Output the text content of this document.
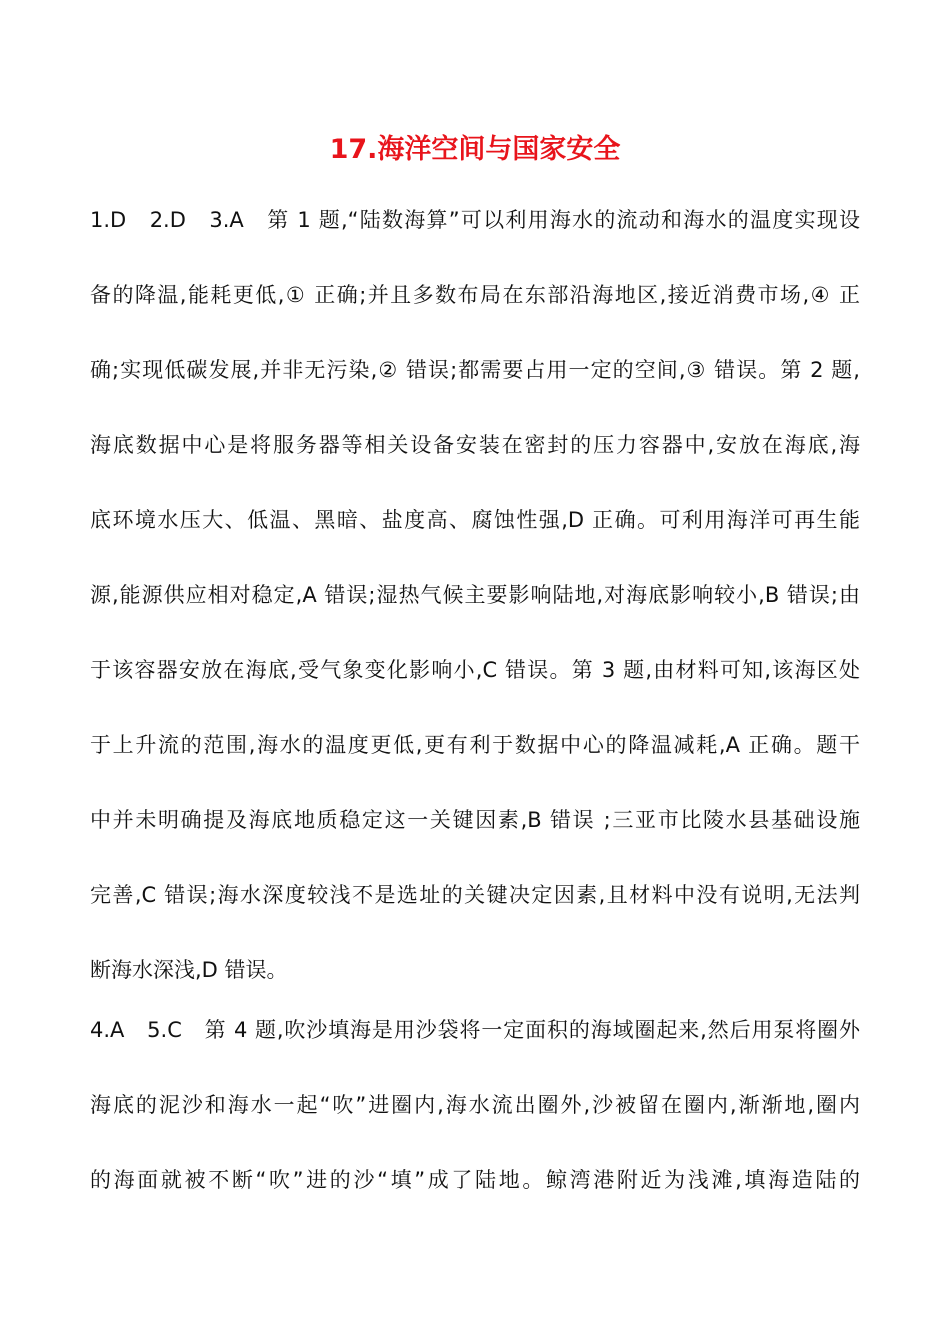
17.海洋空间与国家安全
1.D　2.D　3.A　第 1 题,“陆数海算”可以利用海水的流动和海水的温度实现设
备的降温,能耗更低,① 正确;并且多数布局在东部沿海地区,接近消费市场,④ 正
确;实现低碳发展,并非无污染,② 错误;都需要占用一定的空间,③ 错误。第 2 题,
海底数据中心是将服务器等相关设备安装在密封的压力容器中,安放在海底,海
底环境水压大、低温、黑暗、盐度高、腐蚀性强,D 正确。可利用海洋可再生能
源,能源供应相对稳定,A 错误;湿热气候主要影响陆地,对海底影响较小,B 错误;由
于该容器安放在海底,受气象变化影响小,C 错误。第 3 题,由材料可知,该海区处
于上升流的范围,海水的温度更低,更有利于数据中心的降温减耗,A 正确。题干
中并未明确提及海底地质稳定这一关键因素,B 错误 ;三亚市比陵水县基础设施
完善,C 错误;海水深度较浅不是选址的关键决定因素,且材料中没有说明,无法判
断海水深浅,D 错误。
4.A　5.C　第 4 题,吹沙填海是用沙袋将一定面积的海域圈起来,然后用泵将圈外
海底的泥沙和海水一起“吹”进圈内,海水流出圈外,沙被留在圈内,渐渐地,圈内
的海面就被不断“吹”进的沙“填”成了陆地。鲸湾港附近为浅滩,填海造陆的
